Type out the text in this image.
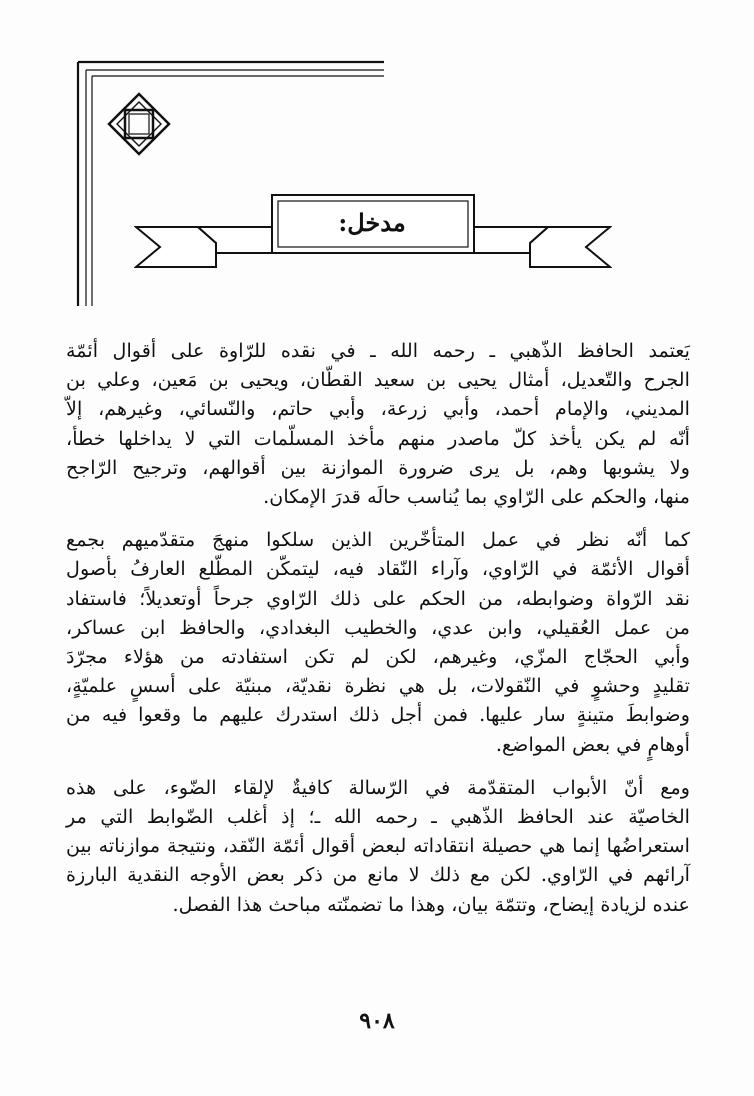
مدخل:
يَعتمد الحافظ الذّهبي ـ رحمه الله ـ في نقده للرّاوة على أقوال أئمّة
الجرح والتّعديل، أمثال يحيى بن سعيد القطّان، ويحيى بن مَعين، وعلي بن
المديني، والإمام أحمد، وأبي زرعة، وأبي حاتم، والنّسائي، وغيرهم، إلاّ
أنّه لم يكن يأخذ كلّ ماصدر منهم مأخذ المسلّمات التي لا يداخلها خطأ،
ولا يشوبها وهم، بل يرى ضرورة الموازنة بين أقوالهم، وترجيح الرّاجح
منها، والحكم على الرّاوي بما يُناسب حالَه قدرَ الإمكان.
كما أنّه نظر في عمل المتأخّرين الذين سلكوا منهجَ متقدّميهم بجمع
أقوال الأئمّة في الرّاوي، وآراء النّقاد فيه، ليتمكّن المطّلع العارفُ بأصول
نقد الرّواة وضوابطه، من الحكم على ذلك الرّاوي جرحاً أوتعديلاً؛ فاستفاد
من عمل العُقيلي، وابن عدي، والخطيب البغدادي، والحافظ ابن عساكر،
وأبي الحجّاج المزّي، وغيرهم، لكن لم تكن استفادته من هؤلاء مجرّدَ
تقليدٍ وحشوٍ في النّقولات، بل هي نظرة نقديّة، مبنيّة على أسسٍ علميّةٍ،
وضوابطَ متينةٍ سار عليها. فمن أجل ذلك استدرك عليهم ما وقعوا فيه من
أوهامٍ في بعض المواضع.
ومع أنّ الأبواب المتقدّمة في الرّسالة كافيةٌ لإلقاء الضّوء، على هذه
الخاصيّة عند الحافظ الذّهبي ـ رحمه الله ـ؛ إذ أغلب الضّوابط التي مر
استعراضُها إنما هي حصيلة انتقاداته لبعض أقوال أئمّة النّقد، ونتيجة موازناته بين
آرائهم في الرّاوي. لكن مع ذلك لا مانع من ذكر بعض الأوجه النقدية البارزة
عنده لزيادة إيضاح، وتتمّة بيان، وهذا ما تضمنّته مباحث هذا الفصل.
٩٠٨
